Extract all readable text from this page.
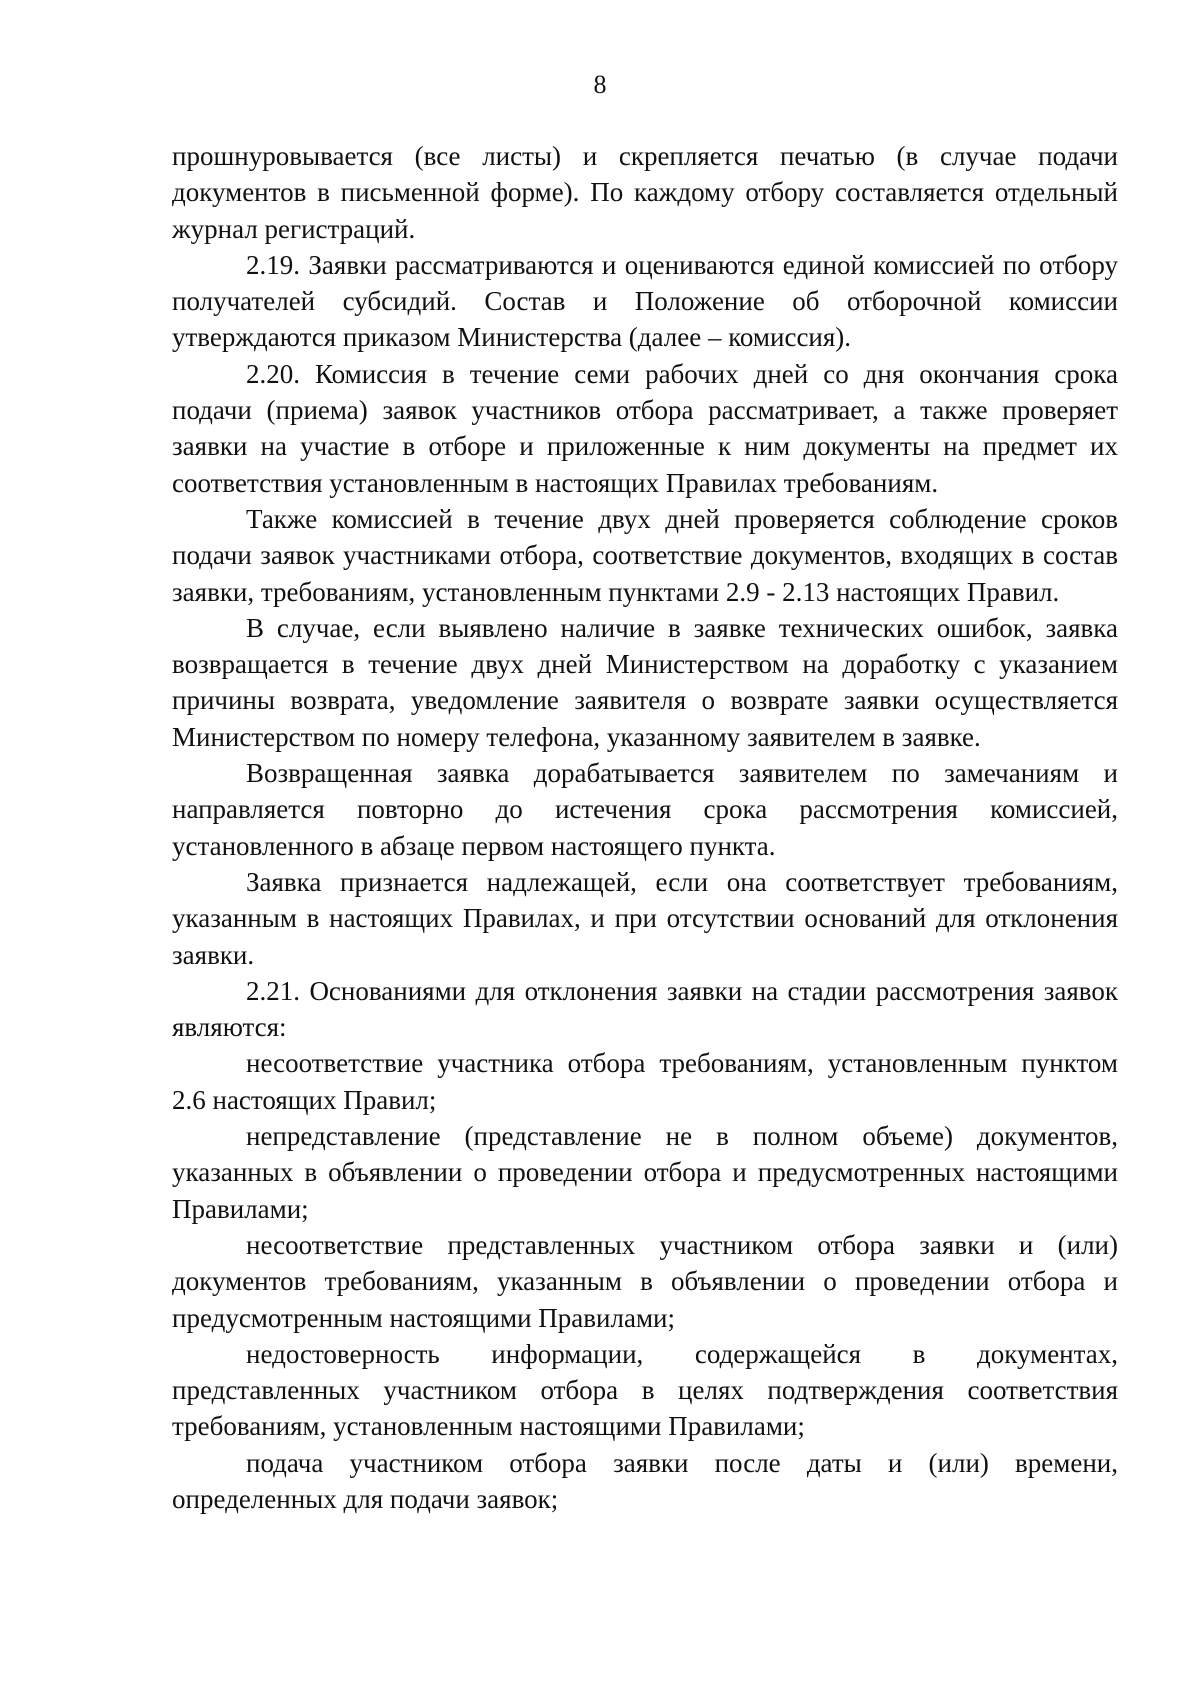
8

прошнуровывается (все листы) и скрепляется печатью (в случае подачи документов в письменной форме). По каждому отбору составляется отдельный журнал регистраций.

2.19. Заявки рассматриваются и оцениваются единой комиссией по отбору получателей субсидий. Состав и Положение об отборочной комиссии утверждаются приказом Министерства (далее – комиссия).

2.20. Комиссия в течение семи рабочих дней со дня окончания срока подачи (приема) заявок участников отбора рассматривает, а также проверяет заявки на участие в отборе и приложенные к ним документы на предмет их соответствия установленным в настоящих Правилах требованиям.

Также комиссией в течение двух дней проверяется соблюдение сроков подачи заявок участниками отбора, соответствие документов, входящих в состав заявки, требованиям, установленным пунктами 2.9 - 2.13 настоящих Правил.

В случае, если выявлено наличие в заявке технических ошибок, заявка возвращается в течение двух дней Министерством на доработку с указанием причины возврата, уведомление заявителя о возврате заявки осуществляется Министерством по номеру телефона, указанному заявителем в заявке.

Возвращенная заявка дорабатывается заявителем по замечаниям и направляется повторно до истечения срока рассмотрения комиссией, установленного в абзаце первом настоящего пункта.

Заявка признается надлежащей, если она соответствует требованиям, указанным в настоящих Правилах, и при отсутствии оснований для отклонения заявки.

2.21. Основаниями для отклонения заявки на стадии рассмотрения заявок являются:

несоответствие участника отбора требованиям, установленным пунктом 2.6 настоящих Правил;

непредставление (представление не в полном объеме) документов, указанных в объявлении о проведении отбора и предусмотренных настоящими Правилами;

несоответствие представленных участником отбора заявки и (или) документов требованиям, указанным в объявлении о проведении отбора и предусмотренным настоящими Правилами;

недостоверность информации, содержащейся в документах, представленных участником отбора в целях подтверждения соответствия требованиям, установленным настоящими Правилами;

подача участником отбора заявки после даты и (или) времени, определенных для подачи заявок;
